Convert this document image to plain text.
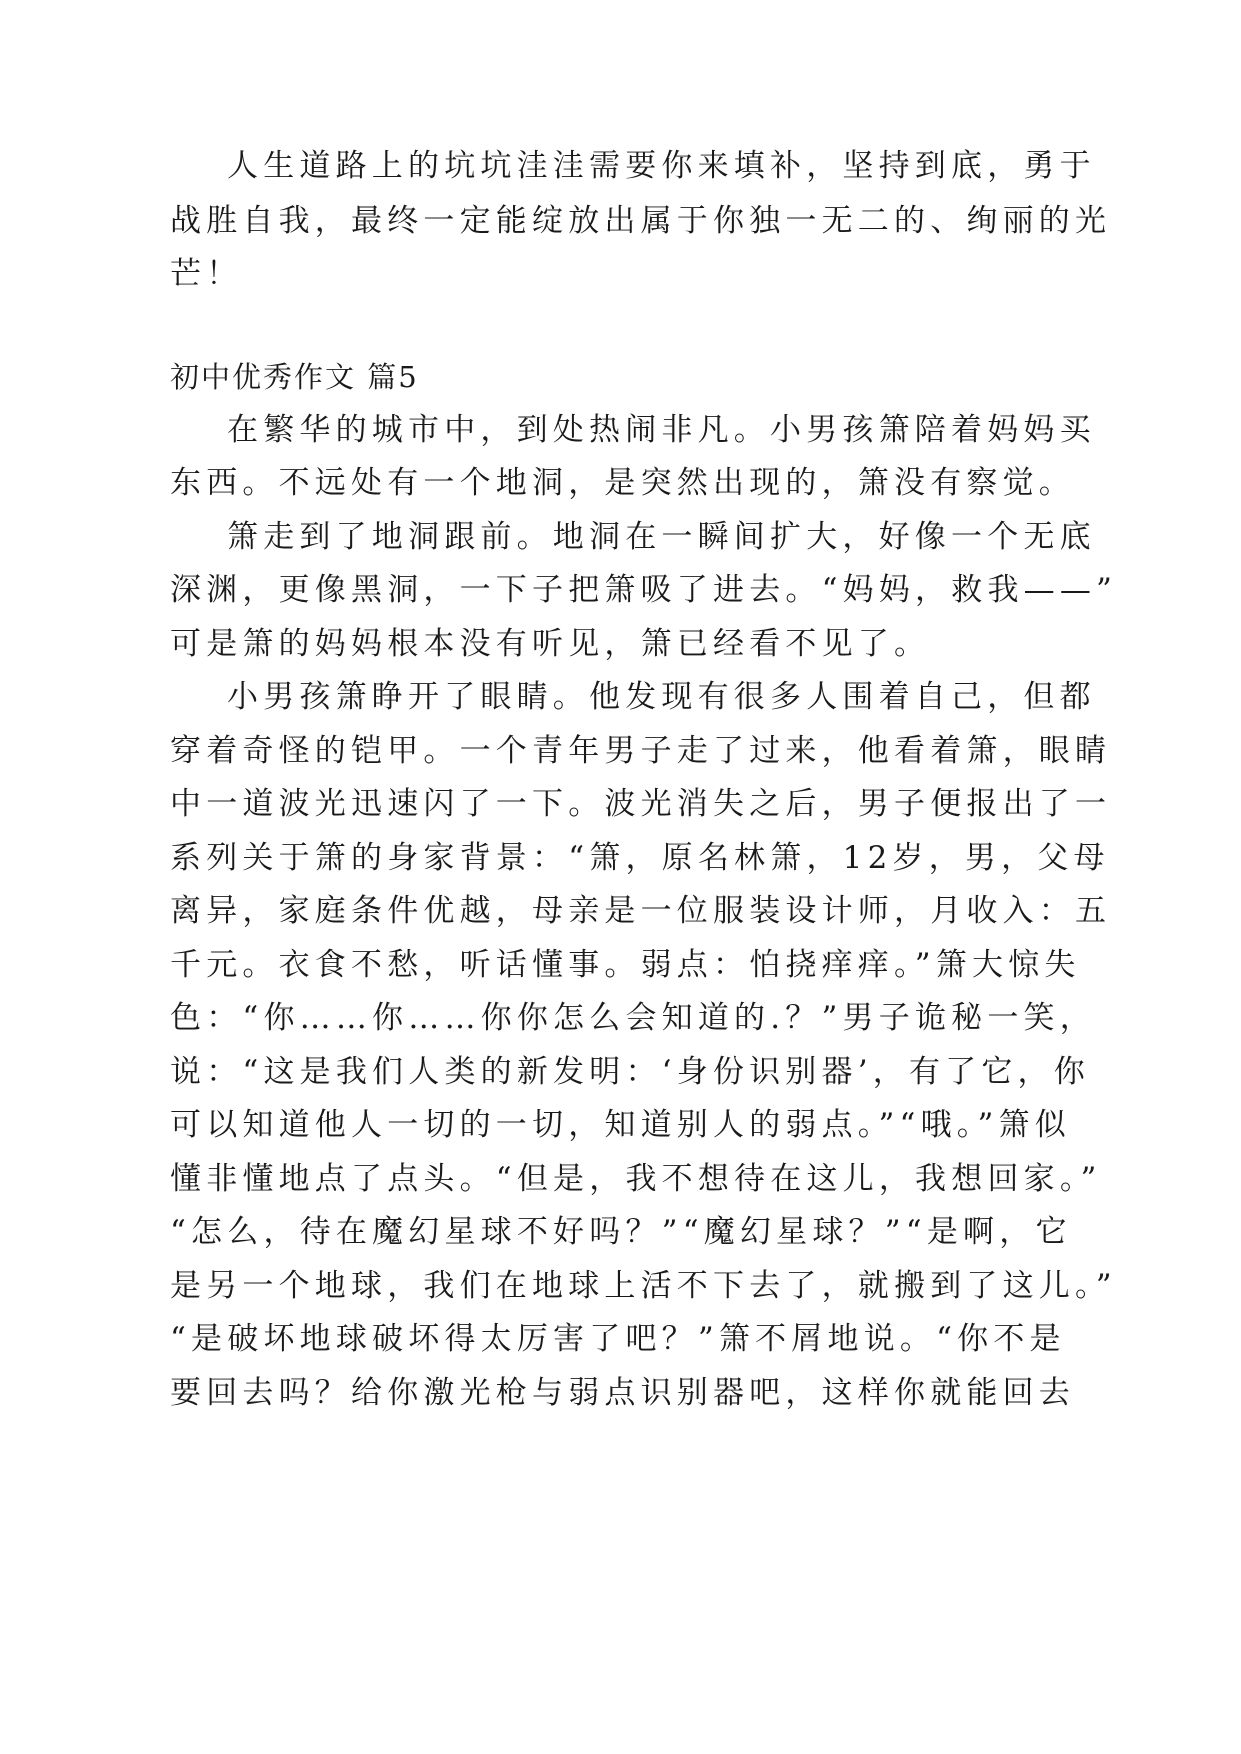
人生道路上的坑坑洼洼需要你来填补，坚持到底，勇于
战胜自我，最终一定能绽放出属于你独一无二的、绚丽的光
芒！
初中优秀作文 篇5
在繁华的城市中，到处热闹非凡。小男孩箫陪着妈妈买
东西。不远处有一个地洞，是突然出现的，箫没有察觉。
箫走到了地洞跟前。地洞在一瞬间扩大，好像一个无底
深渊，更像黑洞，一下子把箫吸了进去。“妈妈，救我——”
可是箫的妈妈根本没有听见，箫已经看不见了。
小男孩箫睁开了眼睛。他发现有很多人围着自己，但都
穿着奇怪的铠甲。一个青年男子走了过来，他看着箫，眼睛
中一道波光迅速闪了一下。波光消失之后，男子便报出了一
系列关于箫的身家背景：“箫，原名林箫，12岁，男，父母
离异，家庭条件优越，母亲是一位服装设计师，月收入：五
千元。衣食不愁，听话懂事。弱点：怕挠痒痒。”箫大惊失
色：“你……你……你你怎么会知道的.？”男子诡秘一笑，
说：“这是我们人类的新发明：‘身份识别器’，有了它，你
可以知道他人一切的一切，知道别人的弱点。”“哦。”箫似
懂非懂地点了点头。“但是，我不想待在这儿，我想回家。”
“怎么，待在魔幻星球不好吗？”“魔幻星球？”“是啊，它
是另一个地球，我们在地球上活不下去了，就搬到了这儿。”
“是破坏地球破坏得太厉害了吧？”箫不屑地说。“你不是
要回去吗？给你激光枪与弱点识别器吧，这样你就能回去
